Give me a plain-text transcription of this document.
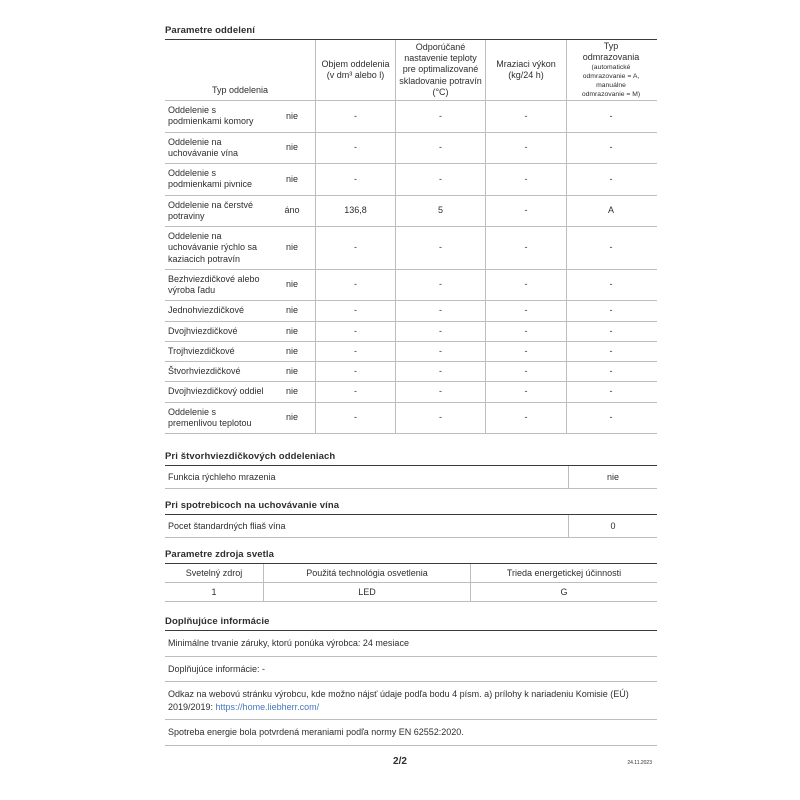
Parametre oddelení
Typ oddelenia
Objem oddelenia (v dm³ alebo l)
Odporúčané nastavenie teploty pre optimalizované skladovanie potravín (°C)
Mraziaci výkon (kg/24 h)
Typ odmrazovania
(automatické odmrazovanie = A, manuálne odmrazovanie = M)
Oddelenie s podmienkami komory
nie	-	-	-	-
Oddelenie na uchovávanie vína
nie	-	-	-	-
Oddelenie s podmienkami pivnice
nie	-	-	-	-
Oddelenie na čerstvé potraviny
áno	136,8	5	-	A
Oddelenie na uchovávanie rýchlo sa kaziacich potravín
nie	-	-	-	-
Bezhviezdičkové alebo výroba ľadu
nie	-	-	-	-
Jednohviezdičkové	nie	-	-	-	-
Dvojhviezdičkové	nie	-	-	-	-
Trojhviezdičkové	nie	-	-	-	-
Štvorhviezdičkové	nie	-	-	-	-
Dvojhviezdičkový oddiel	nie	-	-	-	-
Oddelenie s premenlivou teplotou
nie	-	-	-	-
Pri štvorhviezdičkových oddeleniach
Funkcia rýchleho mrazenia	nie
Pri spotrebicoch na uchovávanie vína
Pocet štandardných fliaš vína	0
Parametre zdroja svetla
Svetelný zdroj	Použitá technológia osvetlenia	Trieda energetickej účinnosti
1	LED	G
Doplňujúce informácie
Minimálne trvanie záruky, ktorú ponúka výrobca: 24 mesiace
Doplňujúce informácie: -
Odkaz na webovú stránku výrobcu, kde možno nájsť údaje podľa bodu 4 písm. a) prílohy k nariadeniu Komisie (EÚ) 2019/2019: https://home.liebherr.com/
Spotreba energie bola potvrdená meraniami podľa normy EN 62552:2020.
2/2	24.11.2023
